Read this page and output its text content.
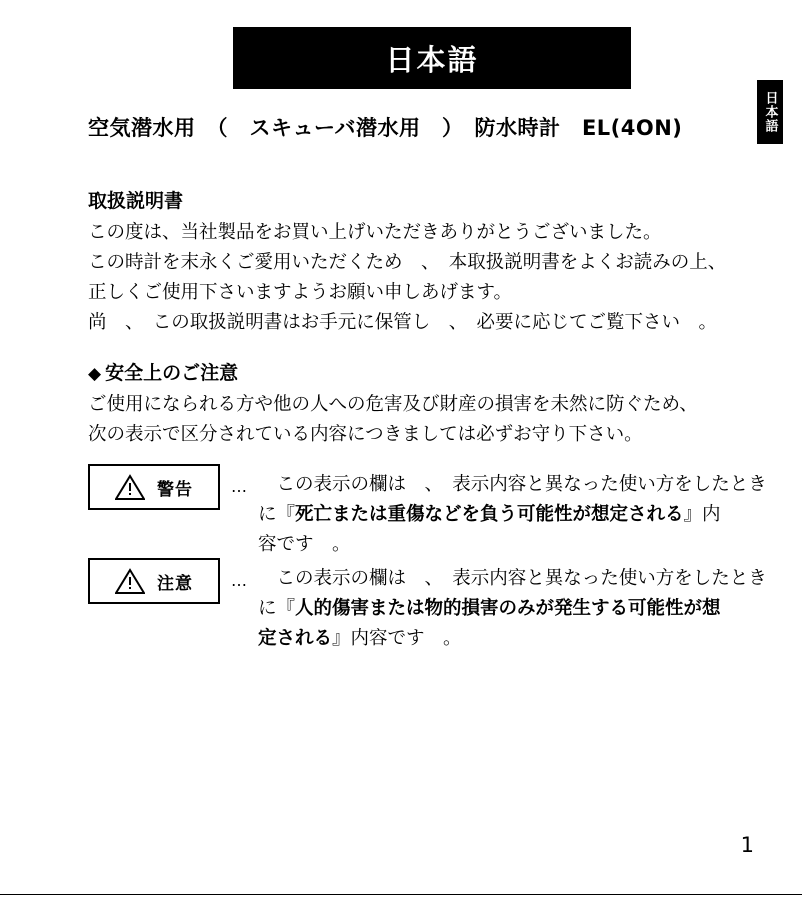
日本語
日本語
空気潜水用　（　スキューバ潜水用　）　防水時計　EL(4ON)
取扱説明書
この度は、当社製品をお買い上げいただきありがとうございました。
この時計を末永くご愛用いただくため　、　本取扱説明書をよくお読みの上、
正しくご使用下さいますようお願い申しあげます。
尚　、　この取扱説明書はお手元に保管し　、　必要に応じてご覧下さい　。
◆ 安全上のご注意
ご使用になられる方や他の人への危害及び財産の損害を未然に防ぐため、
次の表示で区分されている内容につきましては必ずお守り下さい。
警告	… 　この表示の欄は　、　表示内容と異なった使い方をしたとき
に『死亡または重傷などを負う可能性が想定される』内
容です　。
注意	… 　この表示の欄は　、　表示内容と異なった使い方をしたとき
に『人的傷害または物的損害のみが発生する可能性が想
定される』内容です　。
1
